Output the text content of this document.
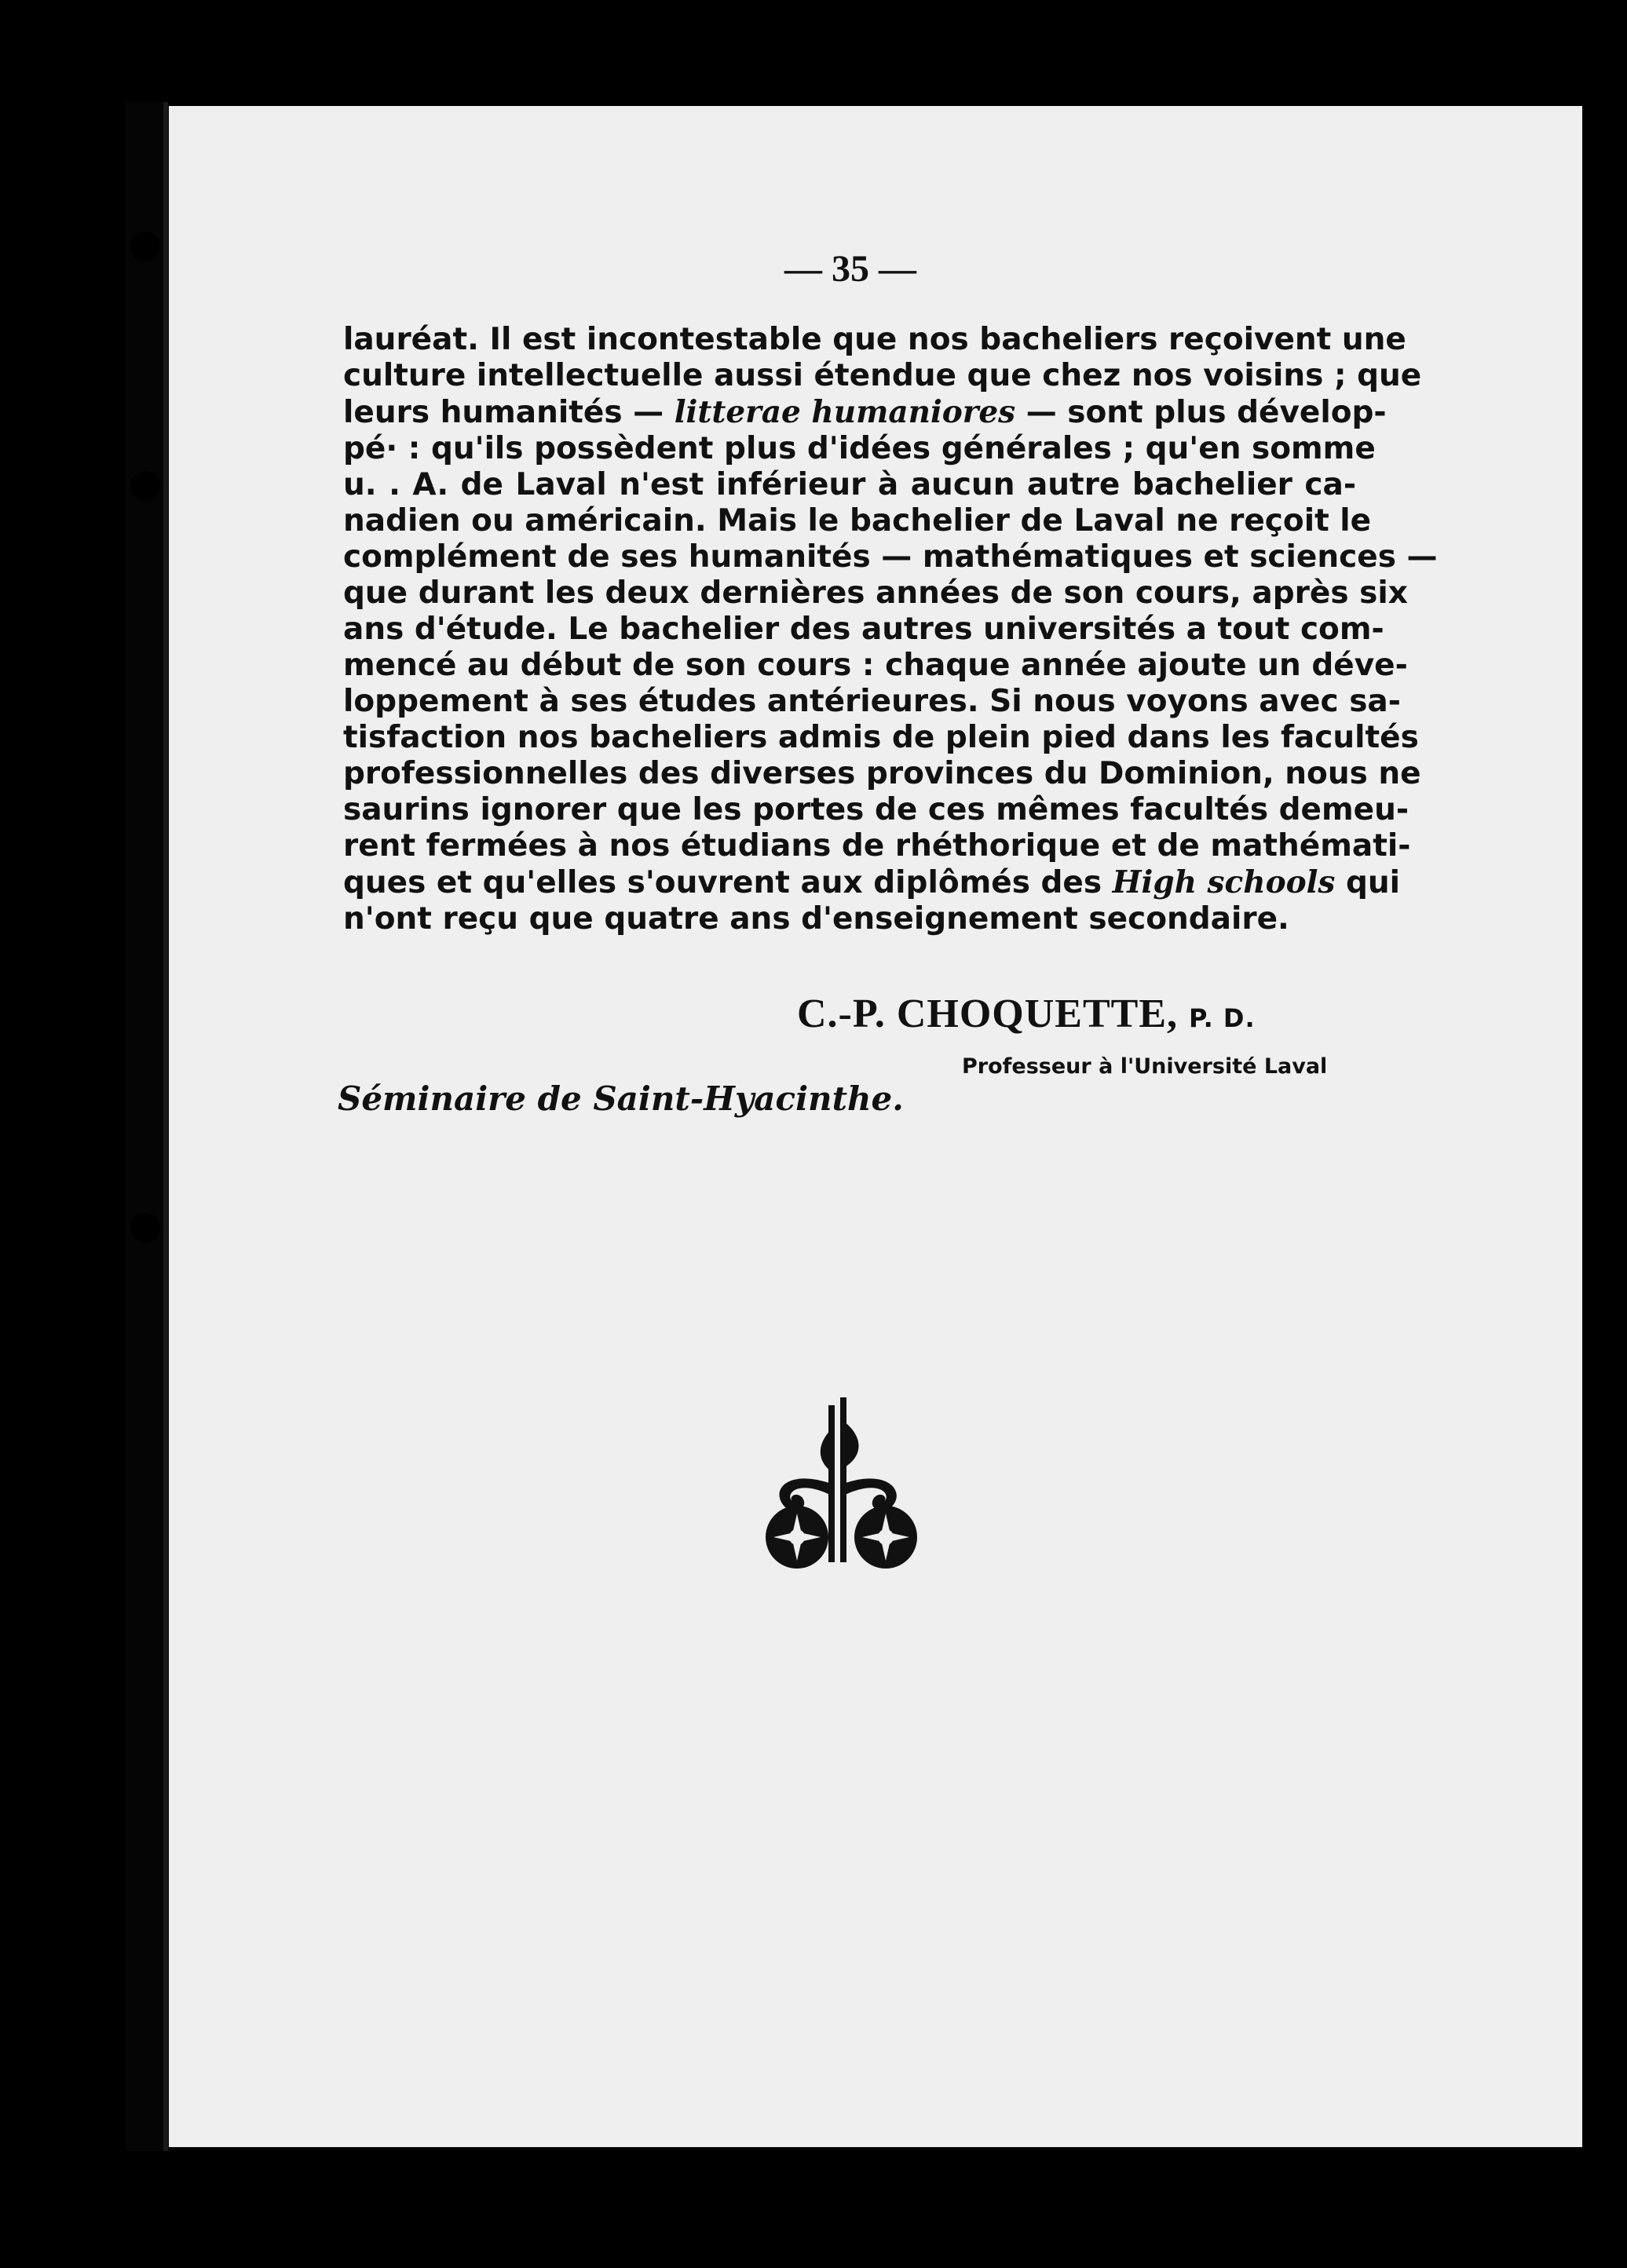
— 35 —
lauréat. Il est incontestable que nos bacheliers reçoivent une
culture intellectuelle aussi étendue que chez nos voisins ; que
leurs humanités — litterae humaniores — sont plus dévelop-
pé· : qu'ils possèdent plus d'idées générales ; qu'en somme
u. . A. de Laval n'est inférieur à aucun autre bachelier ca-
nadien ou américain. Mais le bachelier de Laval ne reçoit le
complément de ses humanités — mathématiques et sciences —
que durant les deux dernières années de son cours, après six
ans d'étude. Le bachelier des autres universités a tout com-
mencé au début de son cours : chaque année ajoute un déve-
loppement à ses études antérieures. Si nous voyons avec sa-
tisfaction nos bacheliers admis de plein pied dans les facultés
professionnelles des diverses provinces du Dominion, nous ne
saurins ignorer que les portes de ces mêmes facultés demeu-
rent fermées à nos étudians de rhéthorique et de mathémati-
ques et qu'elles s'ouvrent aux diplômés des High schools qui
n'ont reçu que quatre ans d'enseignement secondaire.
C.-P. CHOQUETTE, P. D.
Professeur à l'Université Laval
Séminaire de Saint-Hyacinthe.
